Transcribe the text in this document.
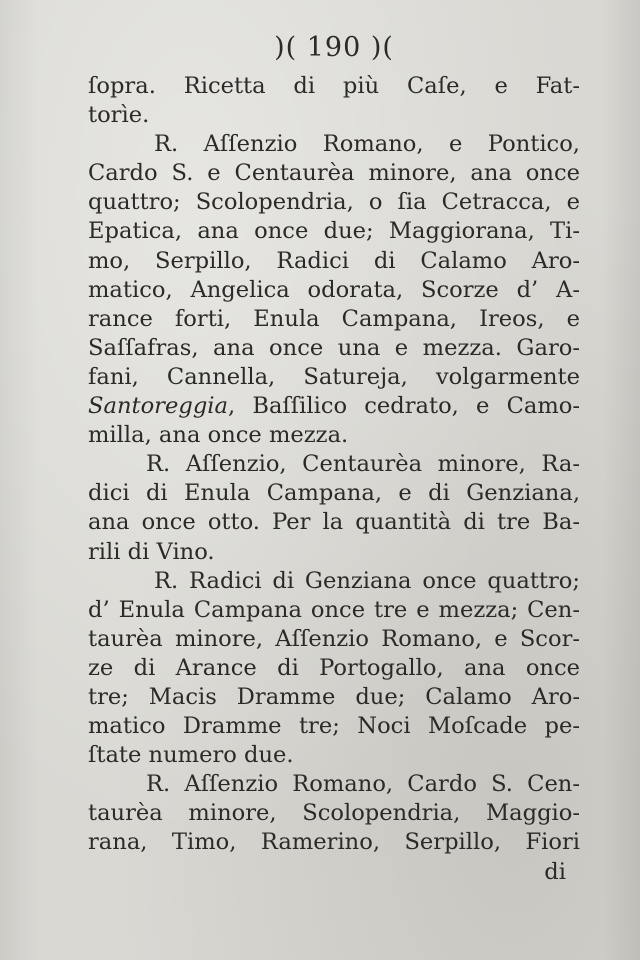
)( 190 )(
ſopra. Ricetta di più Caſe, e Fat-
torìe.
R. Aſſenzio Romano, e Pontico,
Cardo S. e Centaurèa minore, ana once
quattro; Scolopendria, o ſia Cetracca, e
Epatica, ana once due; Maggiorana, Ti-
mo, Serpillo, Radici di Calamo Aro-
matico, Angelica odorata, Scorze d’ A-
rance forti, Enula Campana, Ireos, e
Saſſafras, ana once una e mezza. Garo-
fani, Cannella, Satureja, volgarmente
Santoreggia, Baſſilico cedrato, e Camo-
milla, ana once mezza.
R. Aſſenzio, Centaurèa minore, Ra-
dici di Enula Campana, e di Genziana,
ana once otto. Per la quantità di tre Ba-
rili di Vino.
R. Radici di Genziana once quattro;
d’ Enula Campana once tre e mezza; Cen-
taurèa minore, Aſſenzio Romano, e Scor-
ze di Arance di Portogallo, ana once
tre; Macis Dramme due; Calamo Aro-
matico Dramme tre; Noci Moſcade pe-
ſtate numero due.
R. Aſſenzio Romano, Cardo S. Cen-
taurèa minore, Scolopendria, Maggio-
rana, Timo, Ramerino, Serpillo, Fiori
di
